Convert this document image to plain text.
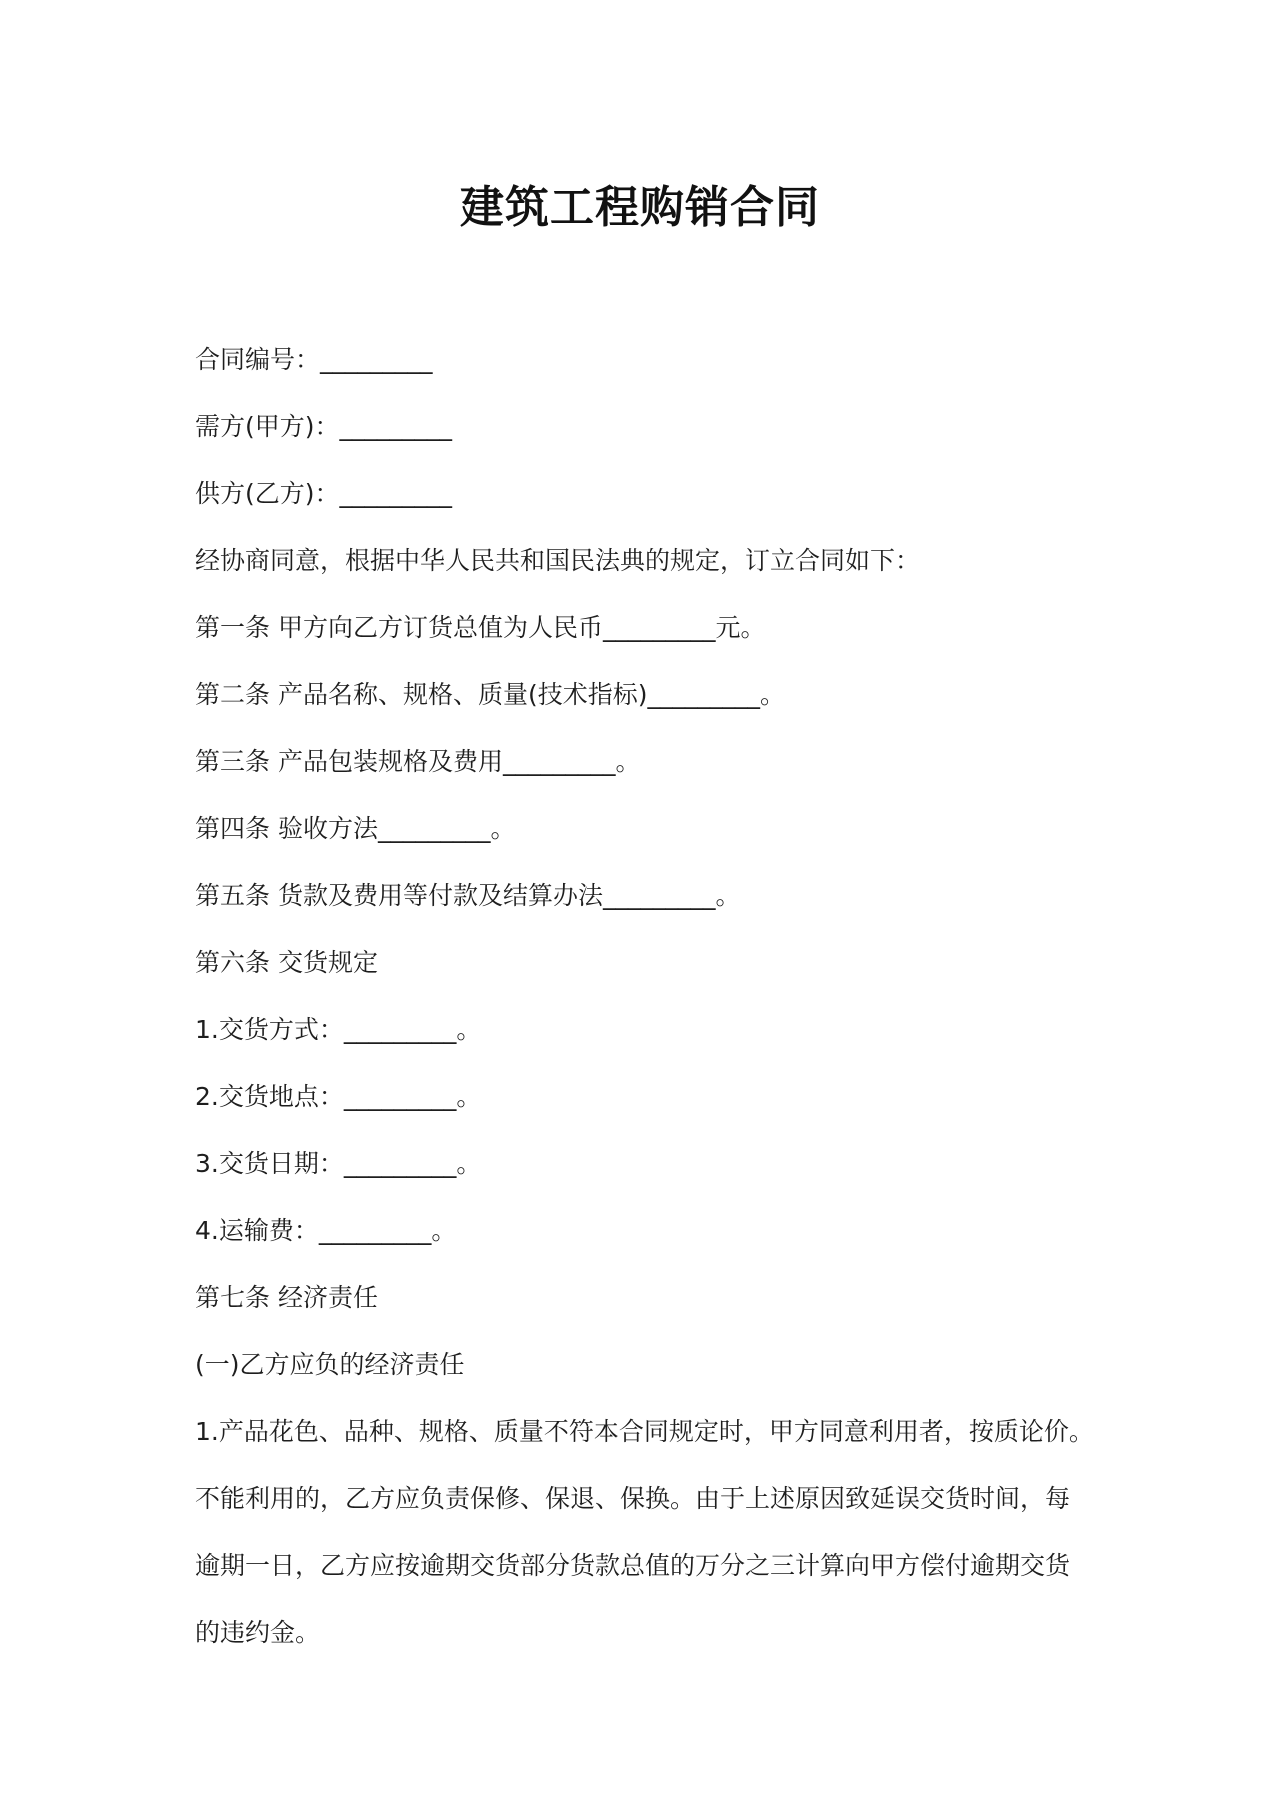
建筑工程购销合同
合同编号：_________
需方(甲方)：_________
供方(乙方)：_________
经协商同意，根据中华人民共和国民法典的规定，订立合同如下：
第一条 甲方向乙方订货总值为人民币_________元。
第二条 产品名称、规格、质量(技术指标)_________。
第三条 产品包装规格及费用_________。
第四条 验收方法_________。
第五条 货款及费用等付款及结算办法_________。
第六条 交货规定
1.交货方式：_________。
2.交货地点：_________。
3.交货日期：_________。
4.运输费：_________。
第七条 经济责任
(一)乙方应负的经济责任
1.产品花色、品种、规格、质量不符本合同规定时，甲方同意利用者，按质论价。
不能利用的，乙方应负责保修、保退、保换。由于上述原因致延误交货时间，每
逾期一日，乙方应按逾期交货部分货款总值的万分之三计算向甲方偿付逾期交货
的违约金。
